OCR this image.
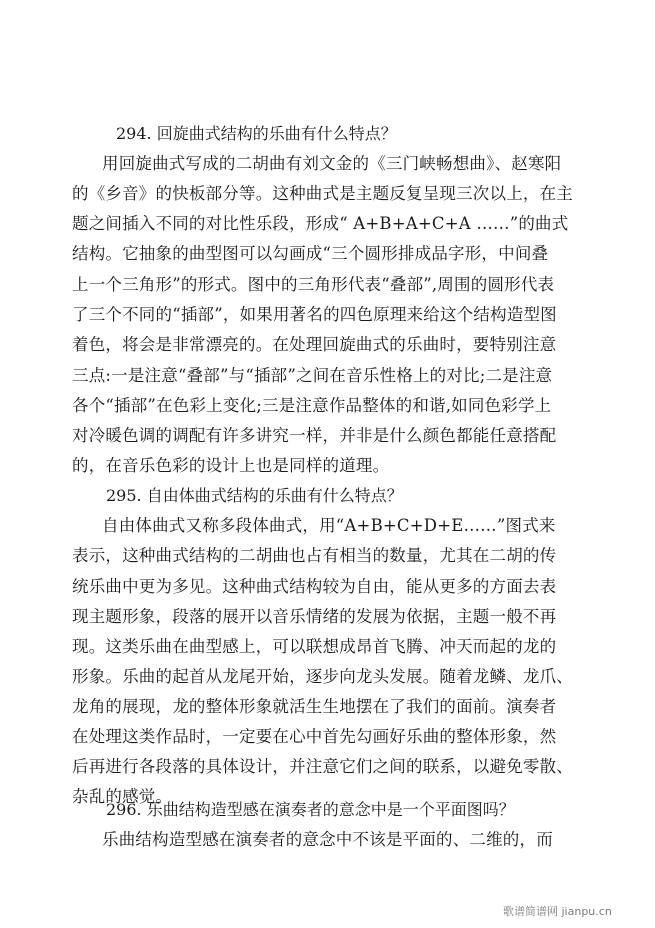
294. 回旋曲式结构的乐曲有什么特点？
用回旋曲式写成的二胡曲有刘文金的《三门峡畅想曲》、赵寒阳
的《乡音》的快板部分等。这种曲式是主题反复呈现三次以上，在主
题之间插入不同的对比性乐段，形成“ A+B+A+C+A ……”的曲式
结构。它抽象的曲型图可以勾画成“三个圆形排成品字形，中间叠
上一个三角形”的形式。图中的三角形代表“叠部”,周围的圆形代表
了三个不同的“插部”，如果用著名的四色原理来给这个结构造型图
着色，将会是非常漂亮的。在处理回旋曲式的乐曲时，要特别注意
三点:一是注意“叠部”与“插部”之间在音乐性格上的对比;二是注意
各个“插部”在色彩上变化;三是注意作品整体的和谐,如同色彩学上
对冷暖色调的调配有许多讲究一样，并非是什么颜色都能任意搭配
的，在音乐色彩的设计上也是同样的道理。
295. 自由体曲式结构的乐曲有什么特点？
自由体曲式又称多段体曲式，用“A+B+C+D+E……”图式来
表示，这种曲式结构的二胡曲也占有相当的数量，尤其在二胡的传
统乐曲中更为多见。这种曲式结构较为自由，能从更多的方面去表
现主题形象，段落的展开以音乐情绪的发展为依据，主题一般不再
现。这类乐曲在曲型感上，可以联想成昂首飞腾、冲天而起的龙的
形象。乐曲的起首从龙尾开始，逐步向龙头发展。随着龙鳞、龙爪、
龙角的展现，龙的整体形象就活生生地摆在了我们的面前。演奏者
在处理这类作品时，一定要在心中首先勾画好乐曲的整体形象，然
后再进行各段落的具体设计，并注意它们之间的联系，以避免零散、
杂乱的感觉。
296. 乐曲结构造型感在演奏者的意念中是一个平面图吗？
乐曲结构造型感在演奏者的意念中不该是平面的、二维的，而
歌谱简谱网 jianpu.cn
